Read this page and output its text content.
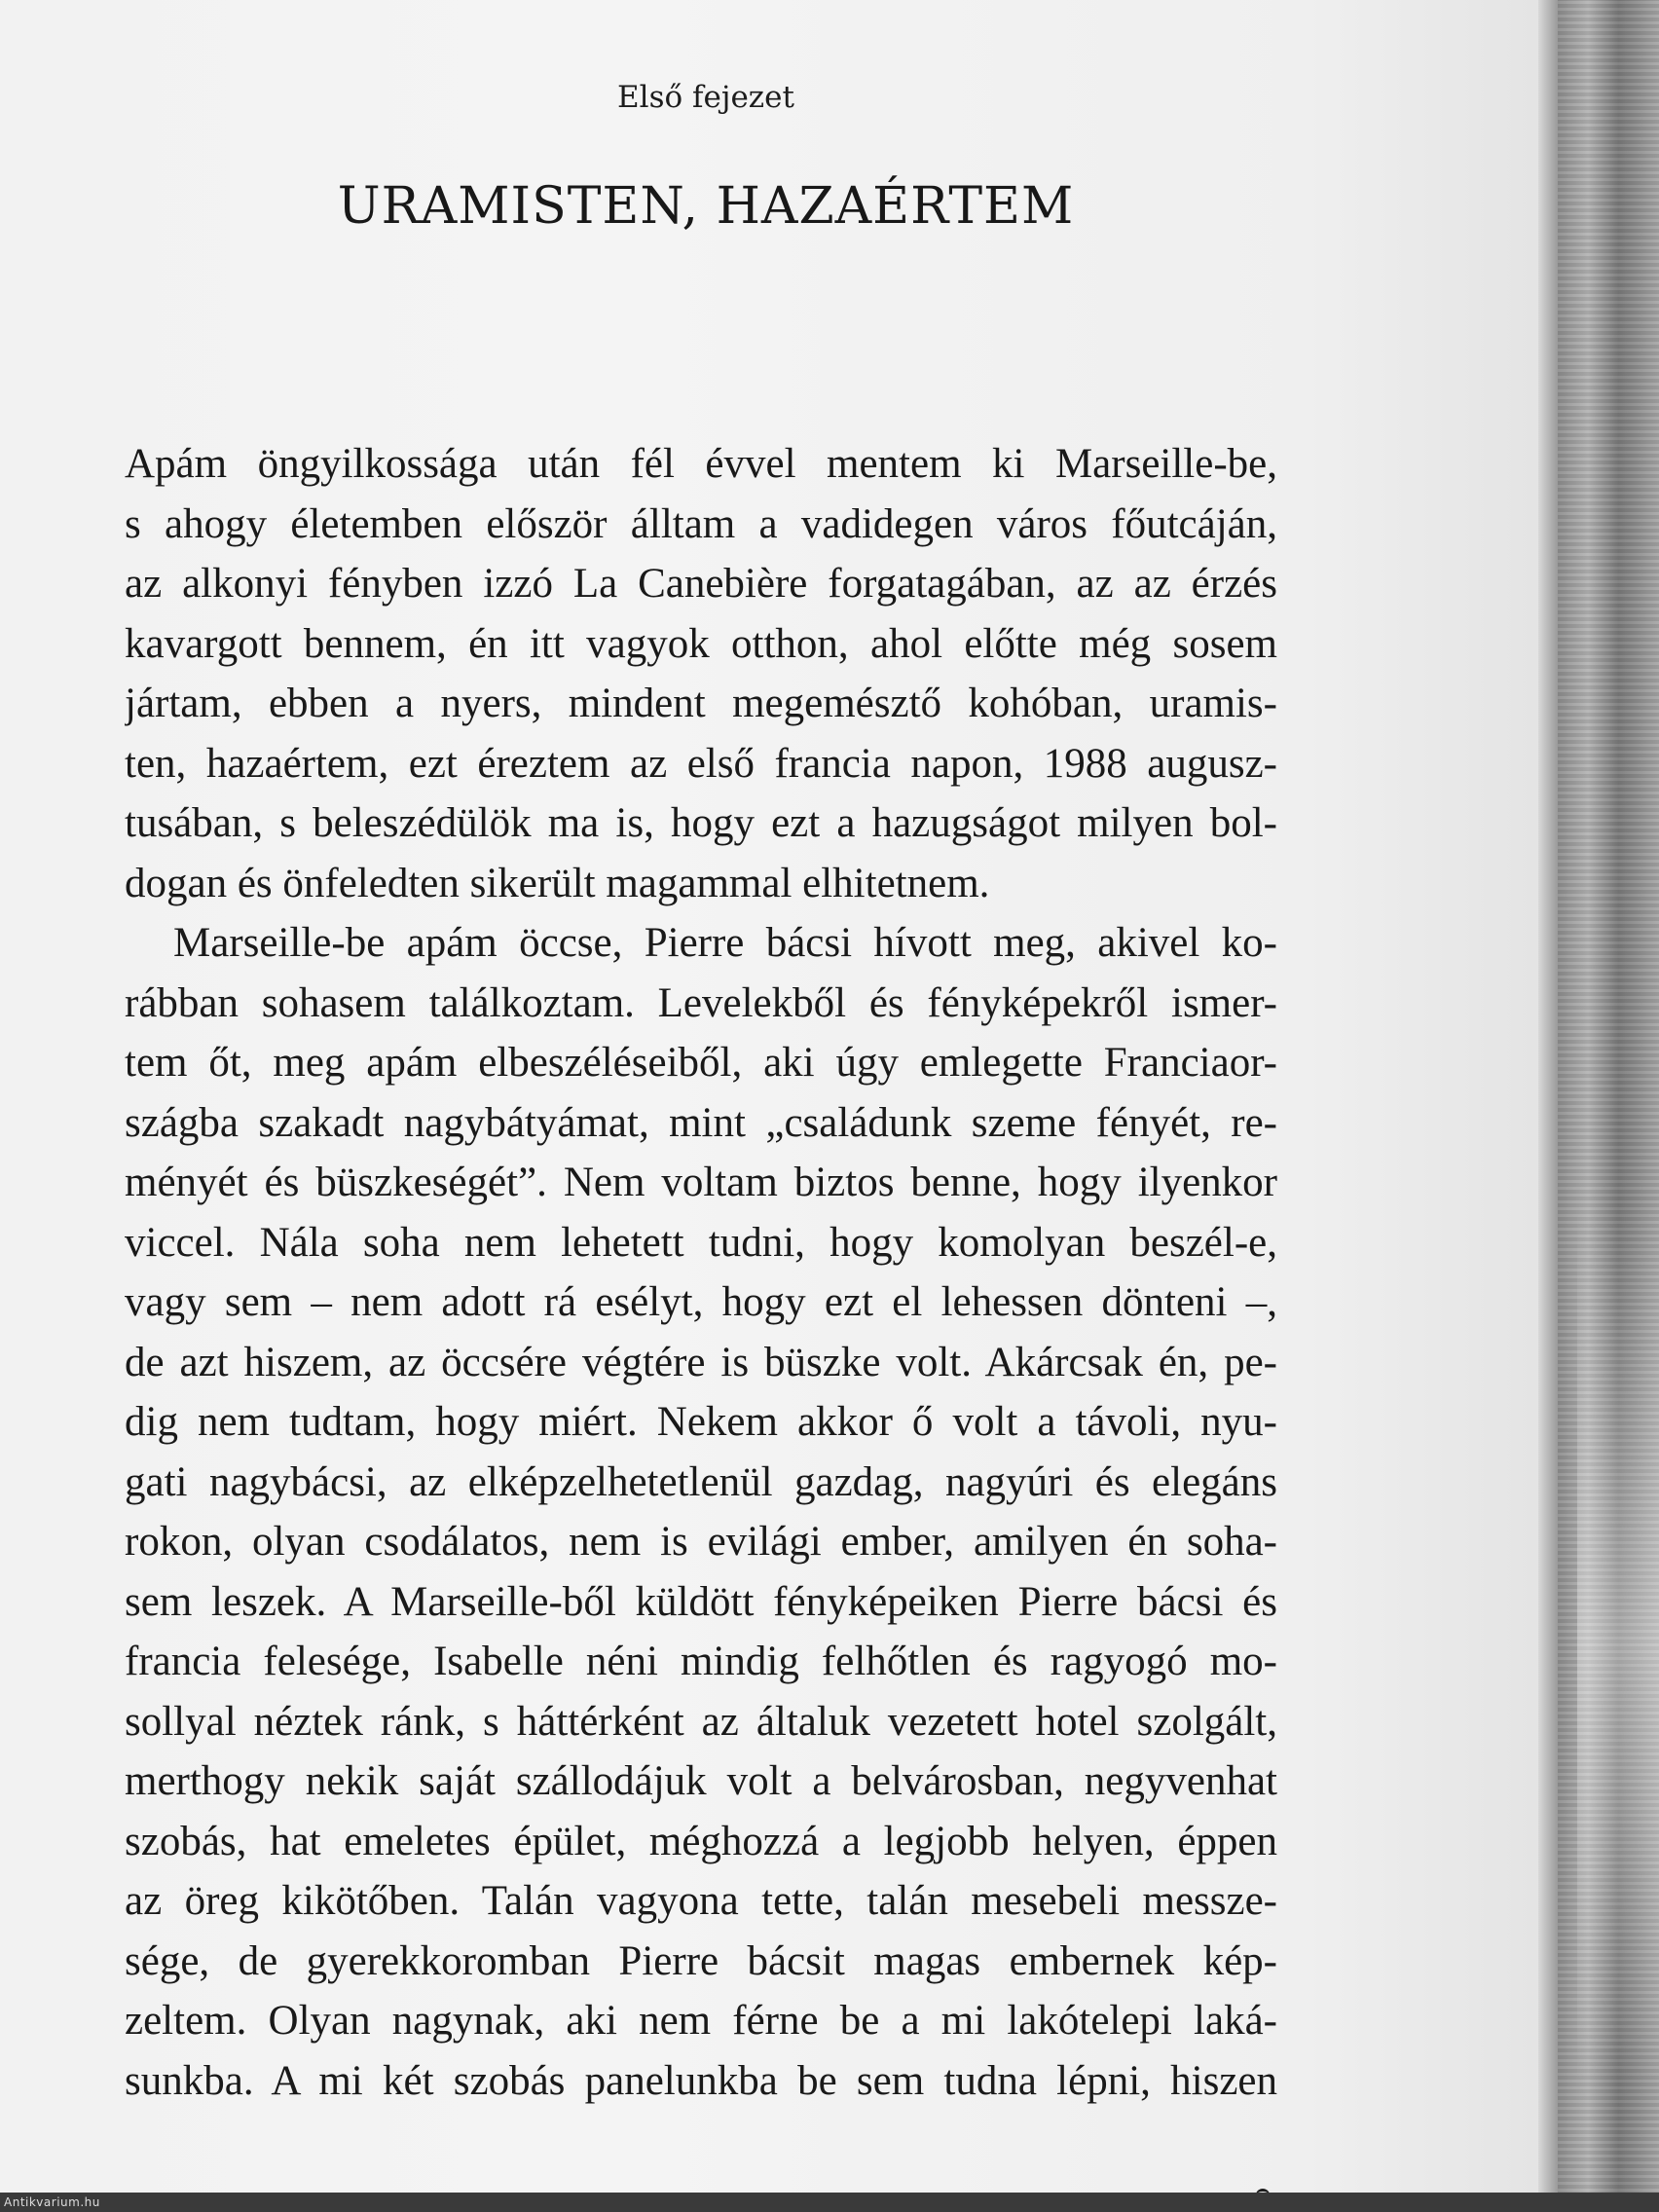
Első fejezet
URAMISTEN, HAZAÉRTEM
Apám öngyilkossága után fél évvel mentem ki Marseille-be,
s ahogy életemben először álltam a vadidegen város főutcáján,
az alkonyi fényben izzó La Canebière forgatagában, az az érzés
kavargott bennem, én itt vagyok otthon, ahol előtte még sosem
jártam, ebben a nyers, mindent megemésztő kohóban, uramis-
ten, hazaértem, ezt éreztem az első francia napon, 1988 augusz-
tusában, s beleszédülök ma is, hogy ezt a hazugságot milyen bol-
dogan és önfeledten sikerült magammal elhitetnem.
Marseille-be apám öccse, Pierre bácsi hívott meg, akivel ko-
rábban sohasem találkoztam. Levelekből és fényképekről ismer-
tem őt, meg apám elbeszéléseiből, aki úgy emlegette Franciaor-
szágba szakadt nagybátyámat, mint „családunk szeme fényét, re-
ményét és büszkeségét”. Nem voltam biztos benne, hogy ilyenkor
viccel. Nála soha nem lehetett tudni, hogy komolyan beszél-e,
vagy sem – nem adott rá esélyt, hogy ezt el lehessen dönteni –,
de azt hiszem, az öccsére végtére is büszke volt. Akárcsak én, pe-
dig nem tudtam, hogy miért. Nekem akkor ő volt a távoli, nyu-
gati nagybácsi, az elképzelhetetlenül gazdag, nagyúri és elegáns
rokon, olyan csodálatos, nem is evilági ember, amilyen én soha-
sem leszek. A Marseille-ből küldött fényképeiken Pierre bácsi és
francia felesége, Isabelle néni mindig felhőtlen és ragyogó mo-
sollyal néztek ránk, s háttérként az általuk vezetett hotel szolgált,
merthogy nekik saját szállodájuk volt a belvárosban, negyvenhat
szobás, hat emeletes épület, méghozzá a legjobb helyen, éppen
az öreg kikötőben. Talán vagyona tette, talán mesebeli messze-
sége, de gyerekkoromban Pierre bácsit magas embernek kép-
zeltem. Olyan nagynak, aki nem férne be a mi lakótelepi laká-
sunkba. A mi két szobás panelunkba be sem tudna lépni, hiszen
Antikvarium.hu
